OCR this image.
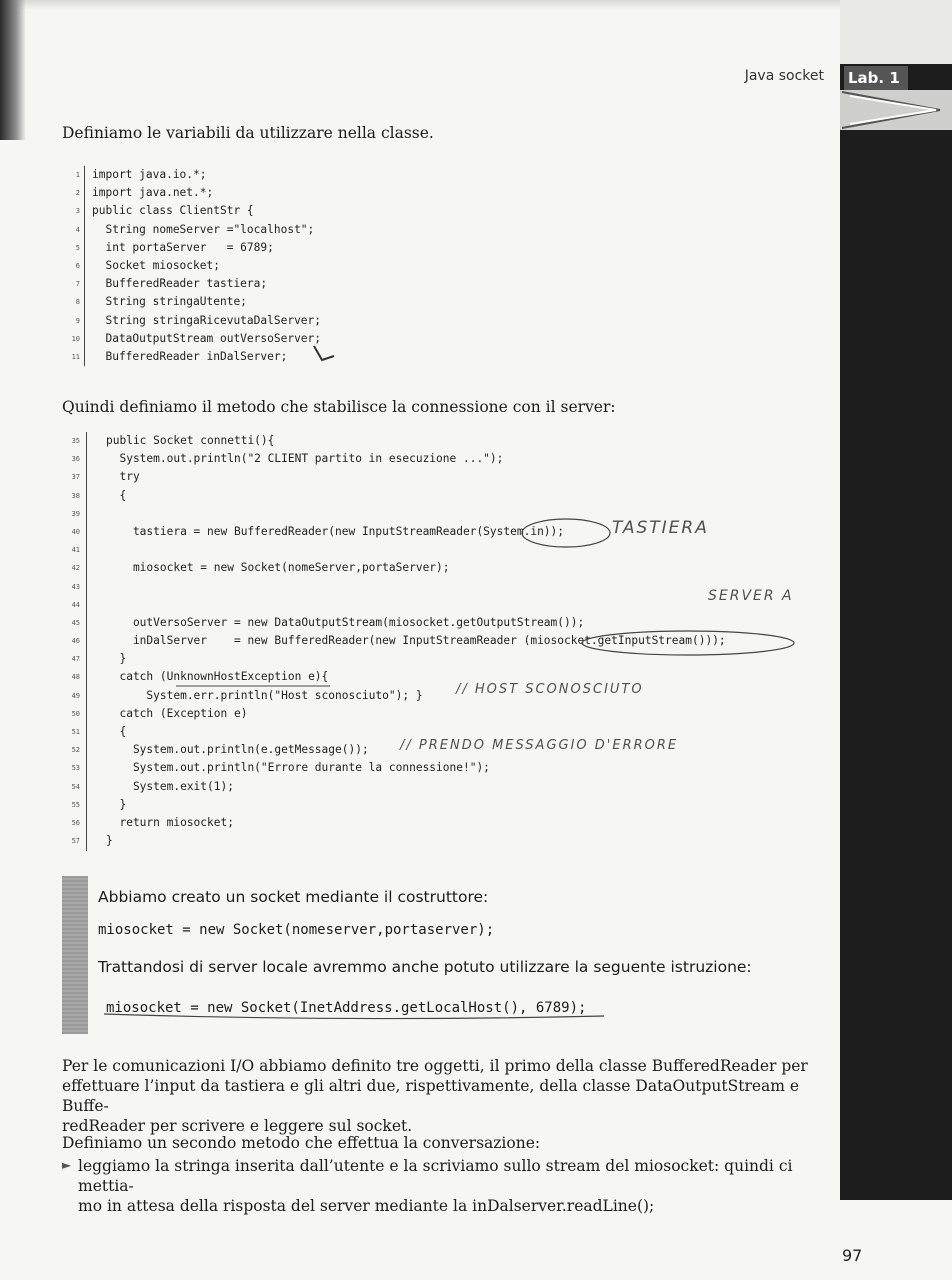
Java socket Lab. 1
Definiamo le variabili da utilizzare nella classe.
1 import java.io.*;
2 import java.net.*;
3 public class ClientStr {
4 String nomeServer ="localhost";
5 int portaServer   = 6789;
6 Socket miosocket;
7 BufferedReader tastiera;
8 String stringaUtente;
9 String stringaRicevutaDalServer;
10 DataOutputStream outVersoServer;
11 BufferedReader inDalServer;
Quindi definiamo il metodo che stabilisce la connessione con il server:
35 public Socket connetti(){
36 System.out.println("2 CLIENT partito in esecuzione ...");
37 try
38 {
39
40 tastiera = new BufferedReader(new InputStreamReader(System.in));
41
42 miosocket = new Socket(nomeServer,portaServer);
43
44
45 outVersoServer = new DataOutputStream(miosocket.getOutputStream());
46 inDalServer    = new BufferedReader(new InputStreamReader (miosocket.getInputStream()));
47 }
48 catch (UnknownHostException e){
49 System.err.println("Host sconosciuto"); }
50 catch (Exception e)
51 {
52 System.out.println(e.getMessage());
53 System.out.println("Errore durante la connessione!");
54 System.exit(1);
55 }
56 return miosocket;
57 }
TASTIERA
SERVER A
// HOST SCONOSCIUTO
// PRENDO MESSAGGIO D'ERRORE
Abbiamo creato un socket mediante il costruttore:
miosocket = new Socket(nomeserver,portaserver);
Trattandosi di server locale avremmo anche potuto utilizzare la seguente istruzione:
miosocket = new Socket(InetAddress.getLocalHost(), 6789);
Per le comunicazioni I/O abbiamo definito tre oggetti, il primo della classe BufferedReader per
effettuare l’input da tastiera e gli altri due, rispettivamente, della classe DataOutputStream e Buffe-
redReader per scrivere e leggere sul socket.
Definiamo un secondo metodo che effettua la conversazione:
► leggiamo la stringa inserita dall’utente e la scriviamo sullo stream del miosocket: quindi ci mettia-
mo in attesa della risposta del server mediante la inDalserver.readLine();
97
